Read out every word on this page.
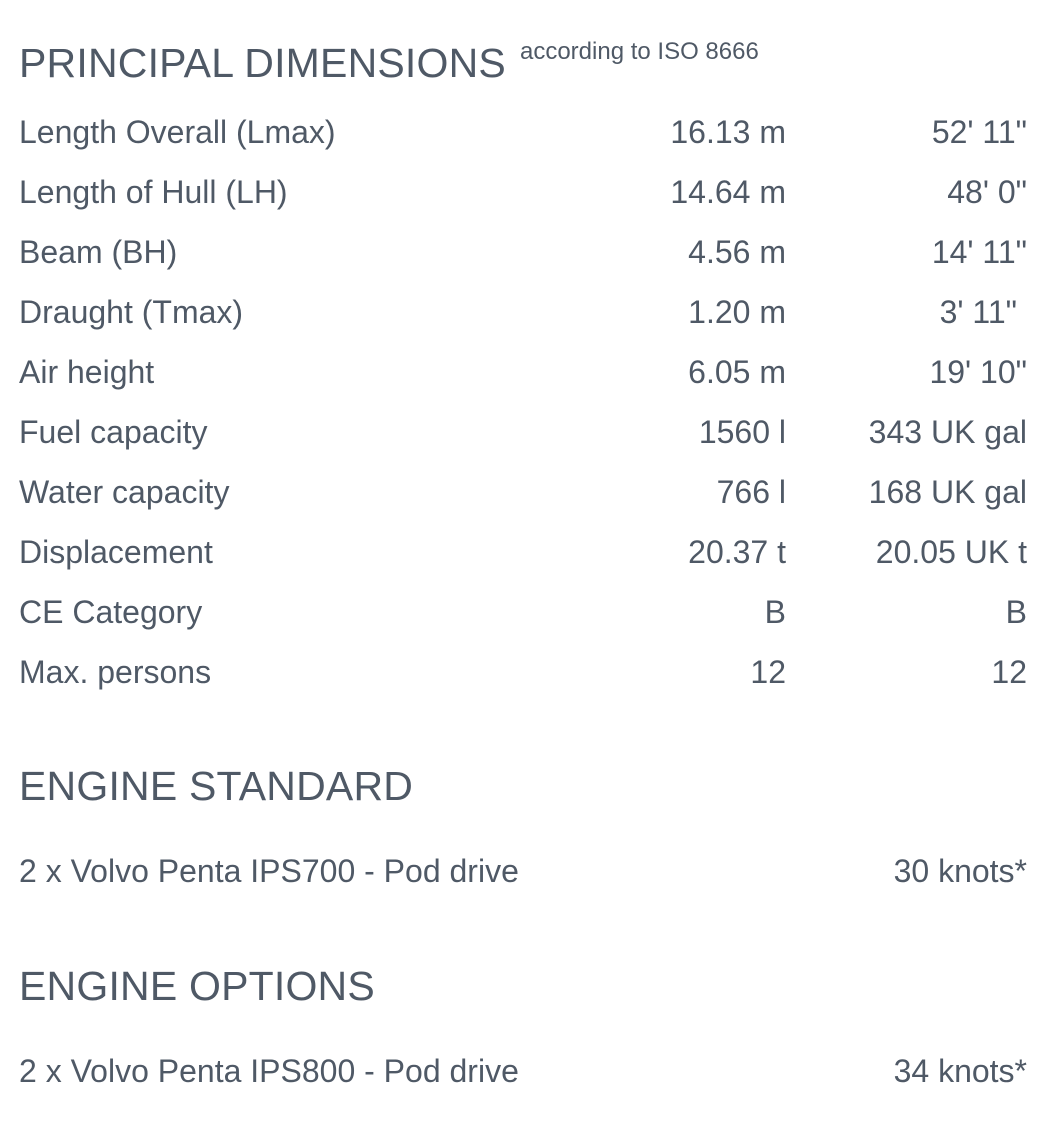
PRINCIPAL DIMENSIONS $^{according to ISO 8666}$
Length Overall (Lmax)	16.13 m	52' 11"
Length of Hull (LH)	14.64 m	48' 0"
Beam (BH)	4.56 m	14' 11"
Draught (Tmax)	1.20 m	3' 11"
Air height	6.05 m	19' 10"
Fuel capacity	1560 l	343 UK gal
Water capacity	766 l	168 UK gal
Displacement	20.37 t	20.05 UK t
CE Category	B	B
Max. persons	12	12
ENGINE STANDARD
2 x Volvo Penta IPS700 - Pod drive	30 knots*
ENGINE OPTIONS
2 x Volvo Penta IPS800 - Pod drive	34 knots*
